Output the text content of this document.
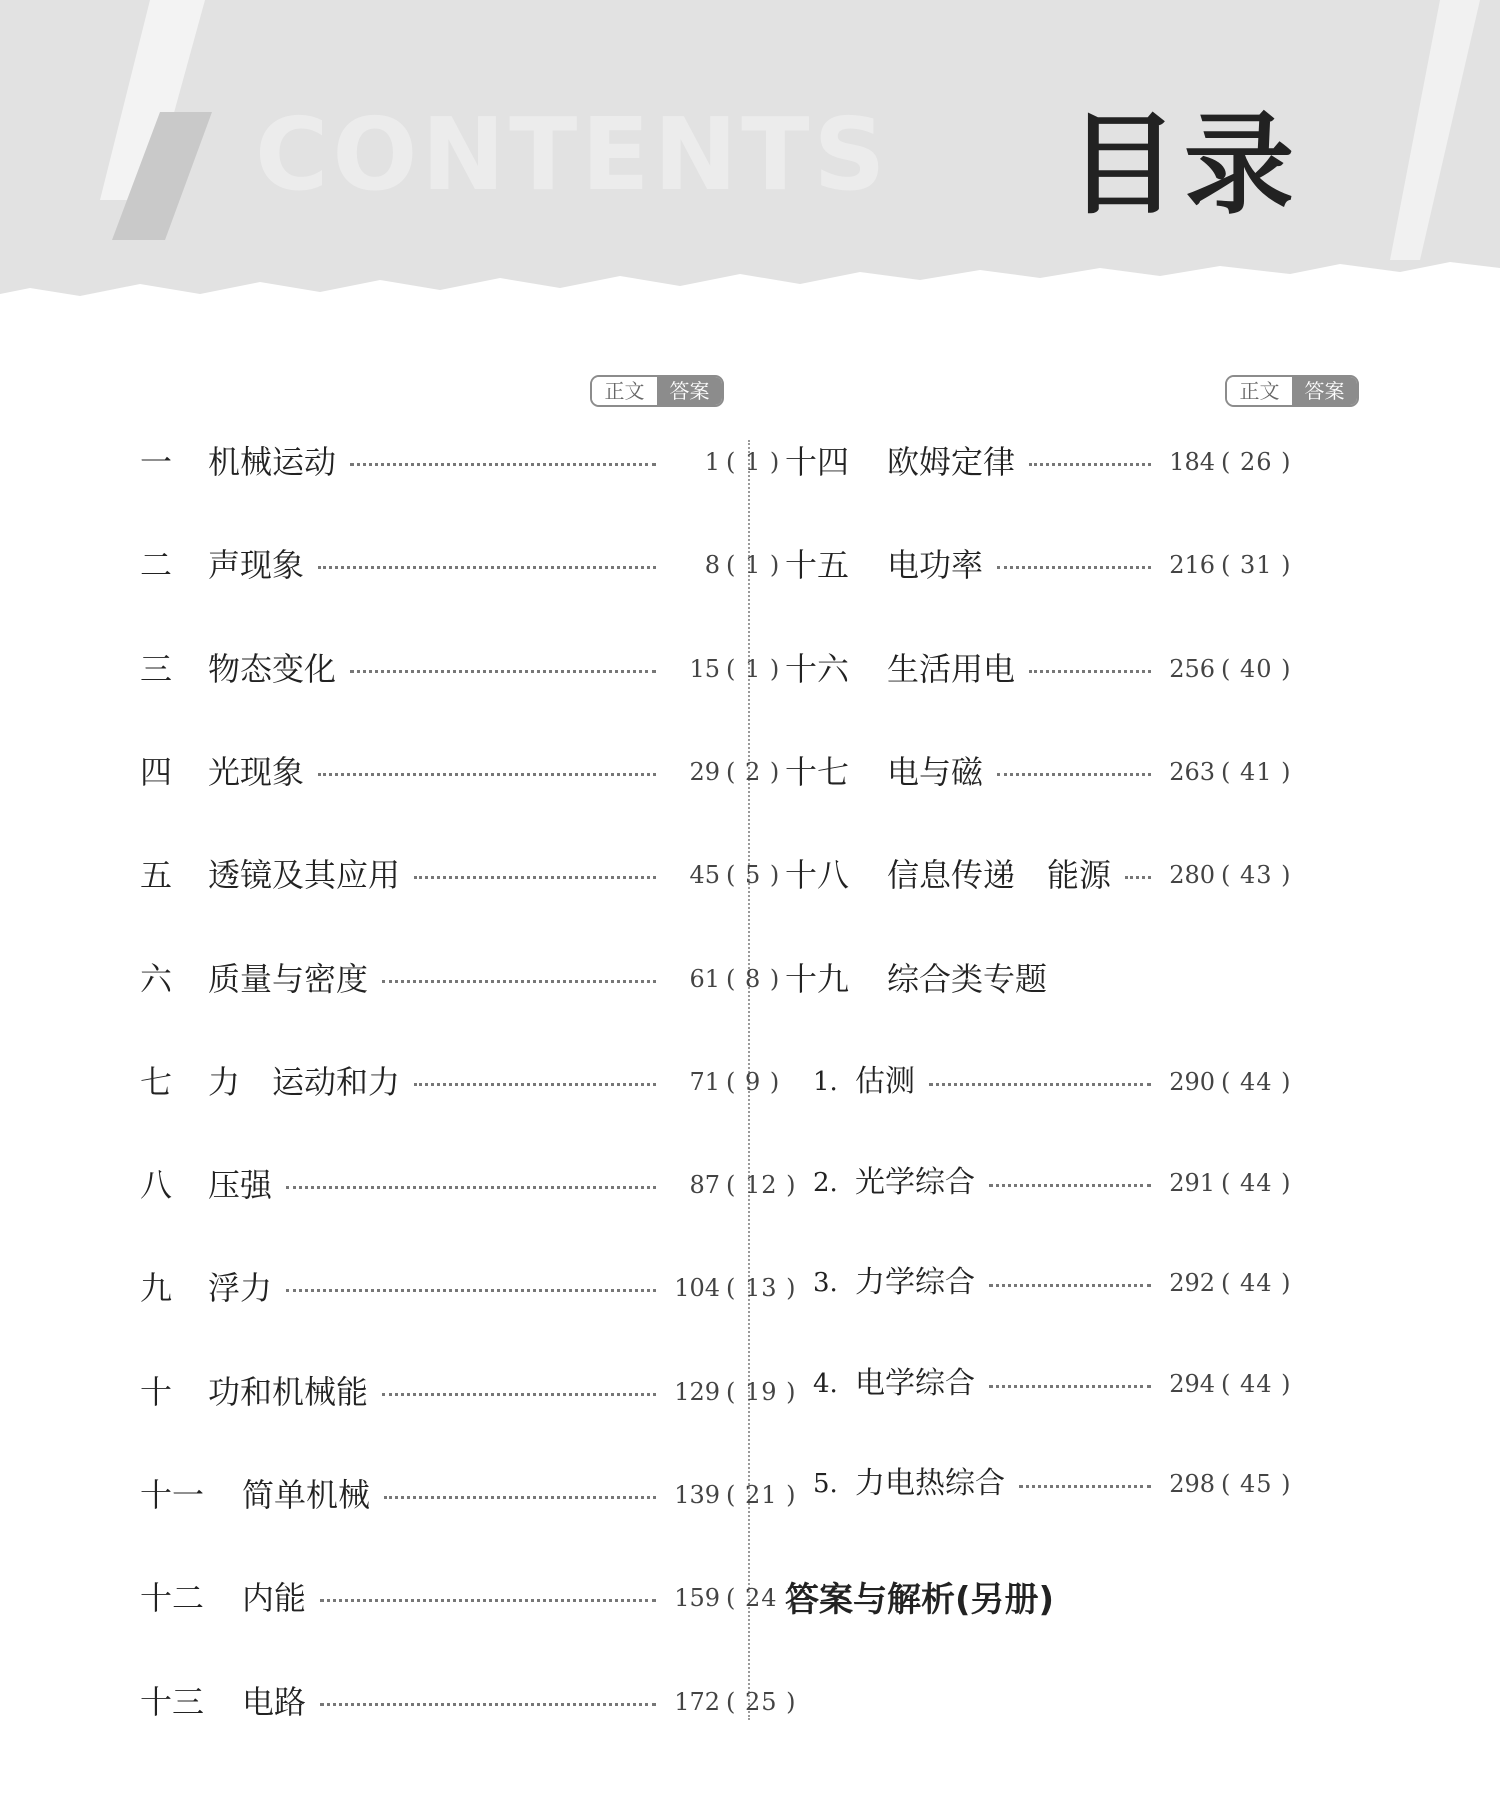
CONTENTS 目录
正文	答案	正文	答案
一 机械运动	1 ( 1 )
二 声现象	8 ( 1 )
三 物态变化	15 ( 1 )
四 光现象	29 ( 2 )
五 透镜及其应用	45 ( 5 )
六 质量与密度	61 ( 8 )
七 力　运动和力	71 ( 9 )
八 压强	87 ( 12 )
九 浮力	104 ( 13 )
十 功和机械能	129 ( 19 )
十一 简单机械	139 ( 21 )
十二 内能	159 ( 24 )
十三 电路	172 ( 25 )
十四 欧姆定律	184 ( 26 )
十五 电功率	216 ( 31 )
十六 生活用电	256 ( 40 )
十七 电与磁	263 ( 41 )
十八 信息传递　能源	280 ( 43 )
十九 综合类专题
1. 估测	290 ( 44 )
2. 光学综合	291 ( 44 )
3. 力学综合	292 ( 44 )
4. 电学综合	294 ( 44 )
5. 力电热综合	298 ( 45 )
答案与解析(另册)
